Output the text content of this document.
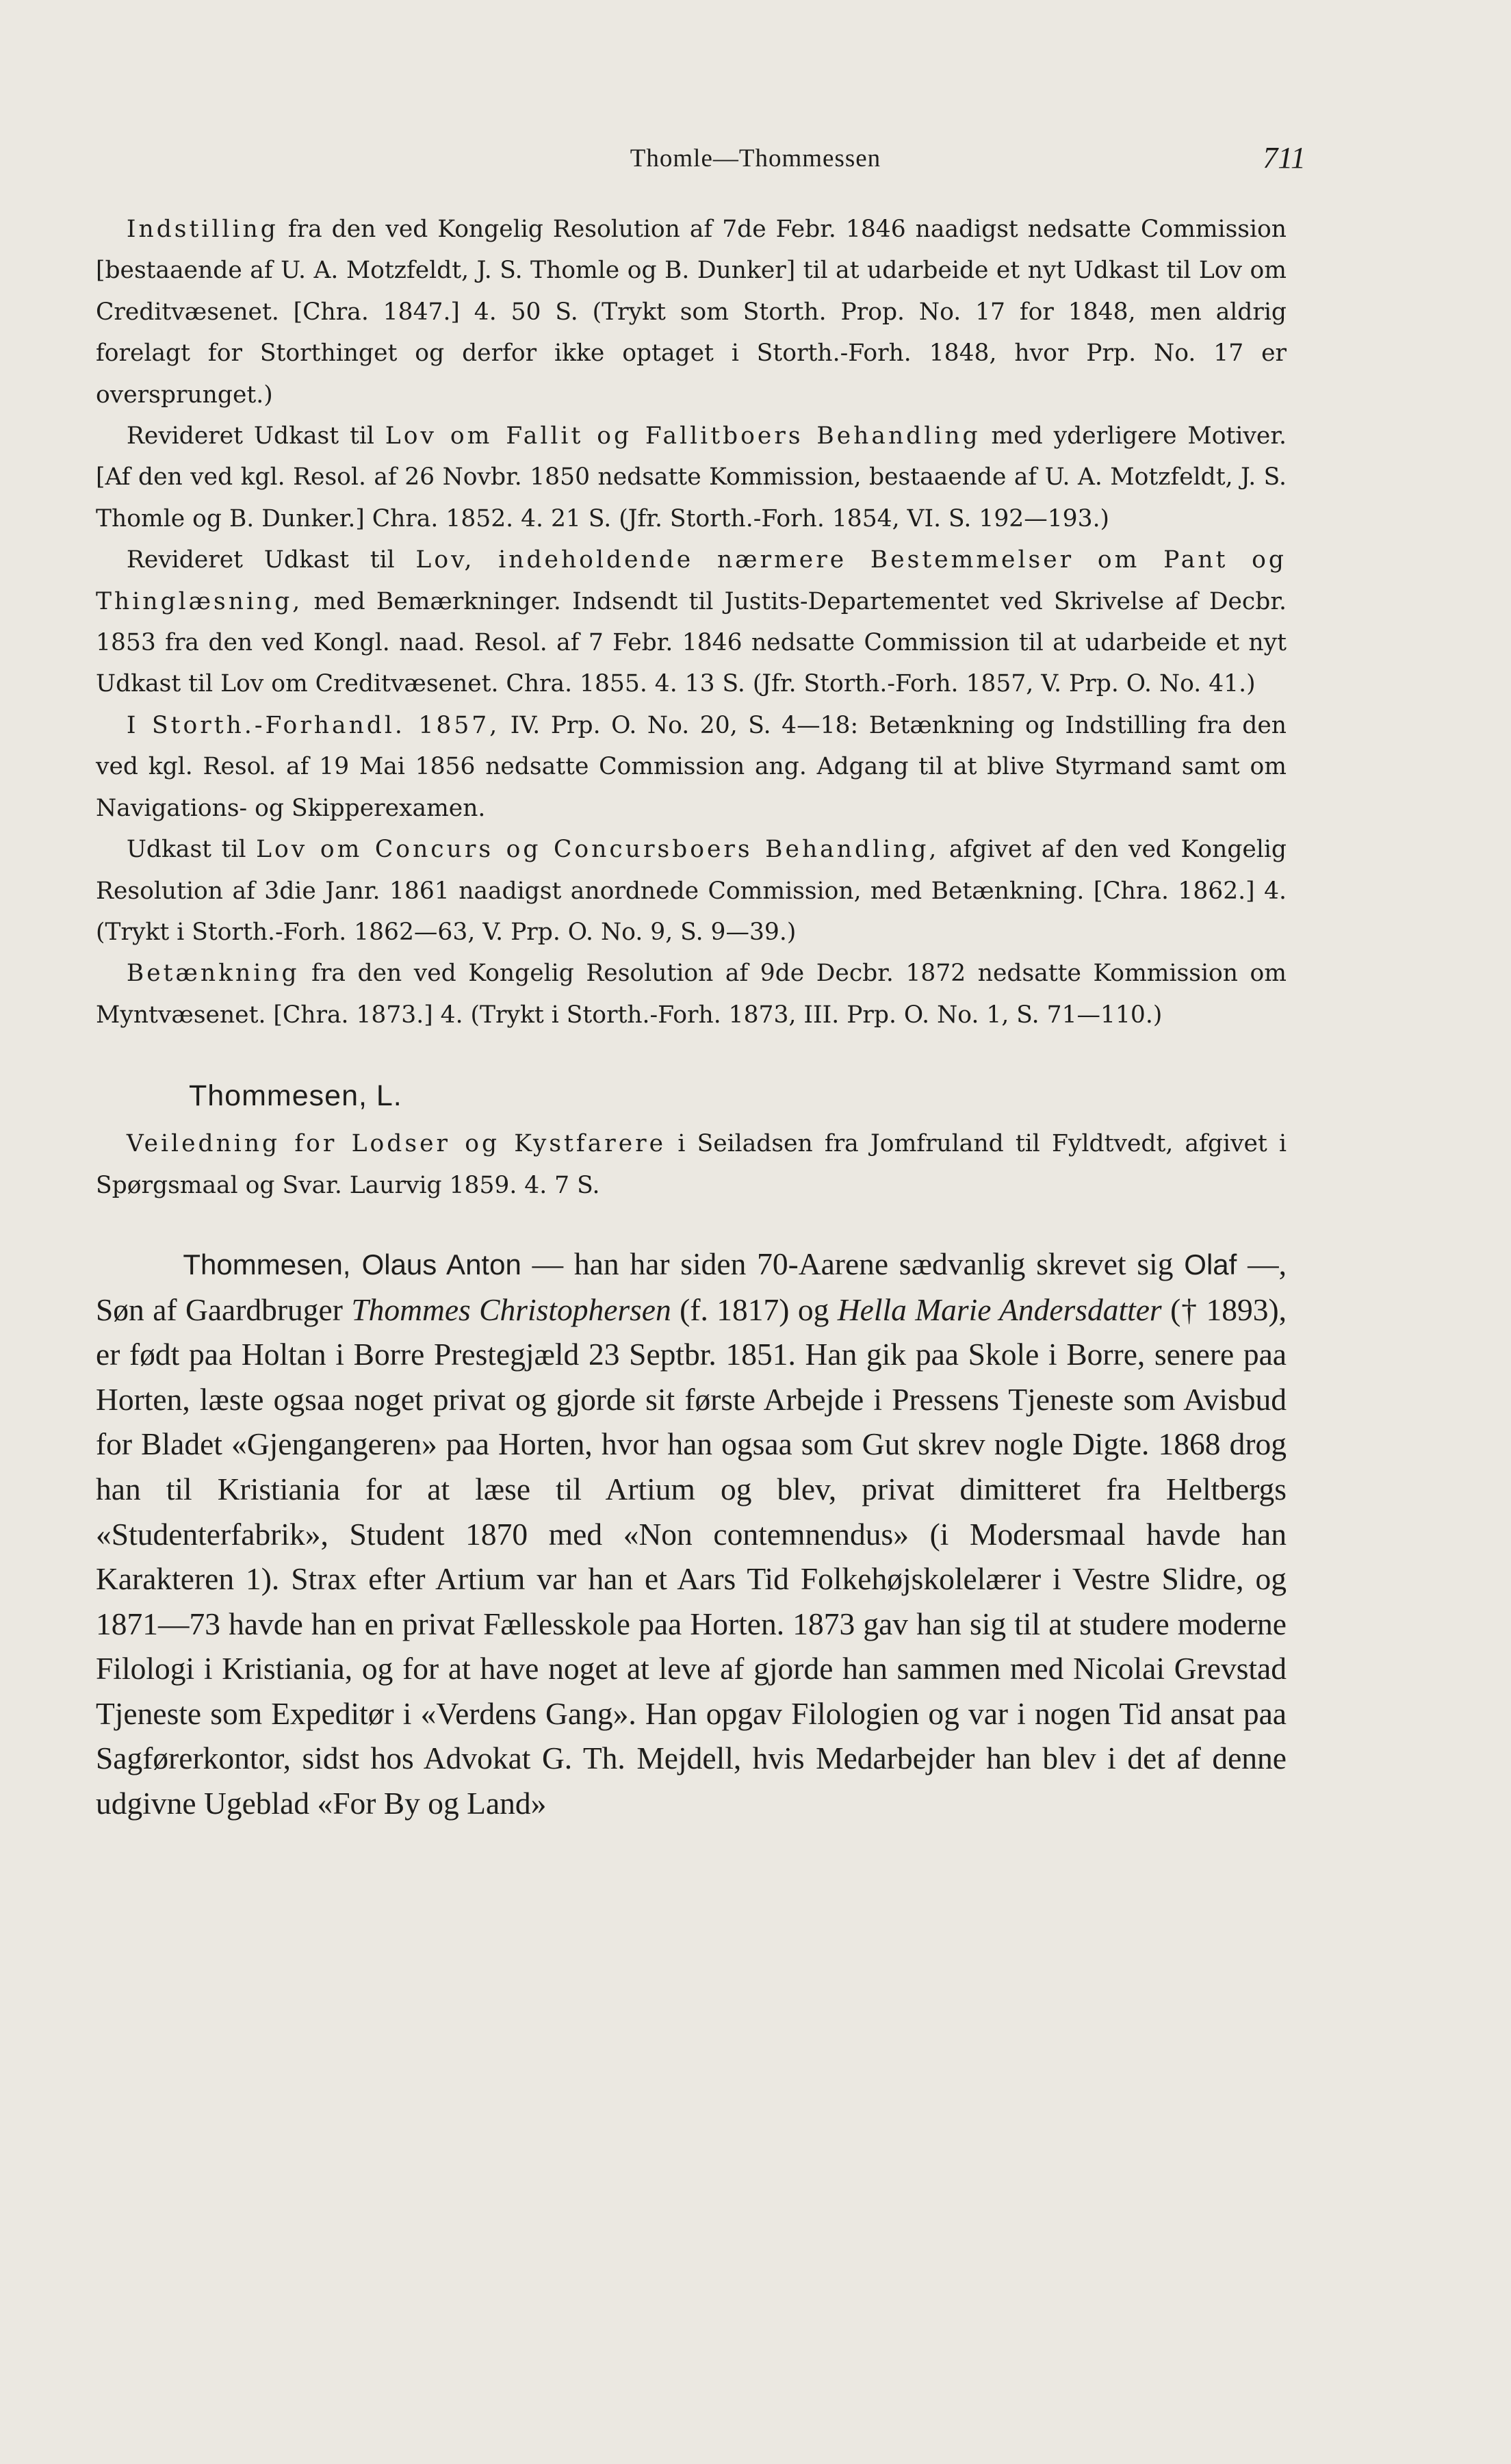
Thomle—Thommessen	711

Indstilling fra den ved Kongelig Resolution af 7de Febr. 1846 naadigst nedsatte Commission [bestaaende af U. A. Motzfeldt, J. S. Thomle og B. Dunker] til at udarbeide et nyt Udkast til Lov om Creditvæsenet. [Chra. 1847.] 4. 50 S. (Trykt som Storth. Prop. No. 17 for 1848, men aldrig forelagt for Storthinget og derfor ikke optaget i Storth.-Forh. 1848, hvor Prp. No. 17 er oversprunget.)

Revideret Udkast til Lov om Fallit og Fallitboers Behandling med yderligere Motiver. [Af den ved kgl. Resol. af 26 Novbr. 1850 nedsatte Kommission, bestaaende af U. A. Motzfeldt, J. S. Thomle og B. Dunker.] Chra. 1852. 4. 21 S. (Jfr. Storth.-Forh. 1854, VI. S. 192—193.)

Revideret Udkast til Lov, indeholdende nærmere Bestemmelser om Pant og Thinglæsning, med Bemærkninger. Indsendt til Justits-Departementet ved Skrivelse af Decbr. 1853 fra den ved Kongl. naad. Resol. af 7 Febr. 1846 nedsatte Commission til at udarbeide et nyt Udkast til Lov om Creditvæsenet. Chra. 1855. 4. 13 S. (Jfr. Storth.-Forh. 1857, V. Prp. O. No. 41.)

I Storth.-Forhandl. 1857, IV. Prp. O. No. 20, S. 4—18: Betænkning og Indstilling fra den ved kgl. Resol. af 19 Mai 1856 nedsatte Commission ang. Adgang til at blive Styrmand samt om Navigations- og Skipperexamen.

Udkast til Lov om Concurs og Concursboers Behandling, afgivet af den ved Kongelig Resolution af 3die Janr. 1861 naadigst anordnede Commission, med Betænkning. [Chra. 1862.] 4. (Trykt i Storth.-Forh. 1862—63, V. Prp. O. No. 9, S. 9—39.)

Betænkning fra den ved Kongelig Resolution af 9de Decbr. 1872 nedsatte Kommission om Myntvæsenet. [Chra. 1873.] 4. (Trykt i Storth.-Forh. 1873, III. Prp. O. No. 1, S. 71—110.)

Thommesen, L.

Veiledning for Lodser og Kystfarere i Seiladsen fra Jomfruland til Fyldtvedt, afgivet i Spørgsmaal og Svar. Laurvig 1859. 4. 7 S.

Thommesen, Olaus Anton — han har siden 70-Aarene sædvanlig skrevet sig Olaf —, Søn af Gaardbruger Thommes Christophersen (f. 1817) og Hella Marie Andersdatter († 1893), er født paa Holtan i Borre Prestegjæld 23 Septbr. 1851. Han gik paa Skole i Borre, senere paa Horten, læste ogsaa noget privat og gjorde sit første Arbejde i Pressens Tjeneste som Avisbud for Bladet «Gjengangeren» paa Horten, hvor han ogsaa som Gut skrev nogle Digte. 1868 drog han til Kristiania for at læse til Artium og blev, privat dimitteret fra Heltbergs «Studenterfabrik», Student 1870 med «Non contemnendus» (i Modersmaal havde han Karakteren 1). Strax efter Artium var han et Aars Tid Folkehøjskolelærer i Vestre Slidre, og 1871—73 havde han en privat Fællesskole paa Horten. 1873 gav han sig til at studere moderne Filologi i Kristiania, og for at have noget at leve af gjorde han sammen med Nicolai Grevstad Tjeneste som Expeditør i «Verdens Gang». Han opgav Filologien og var i nogen Tid ansat paa Sagførerkontor, sidst hos Advokat G. Th. Mejdell, hvis Medarbejder han blev i det af denne udgivne Ugeblad «For By og Land»
